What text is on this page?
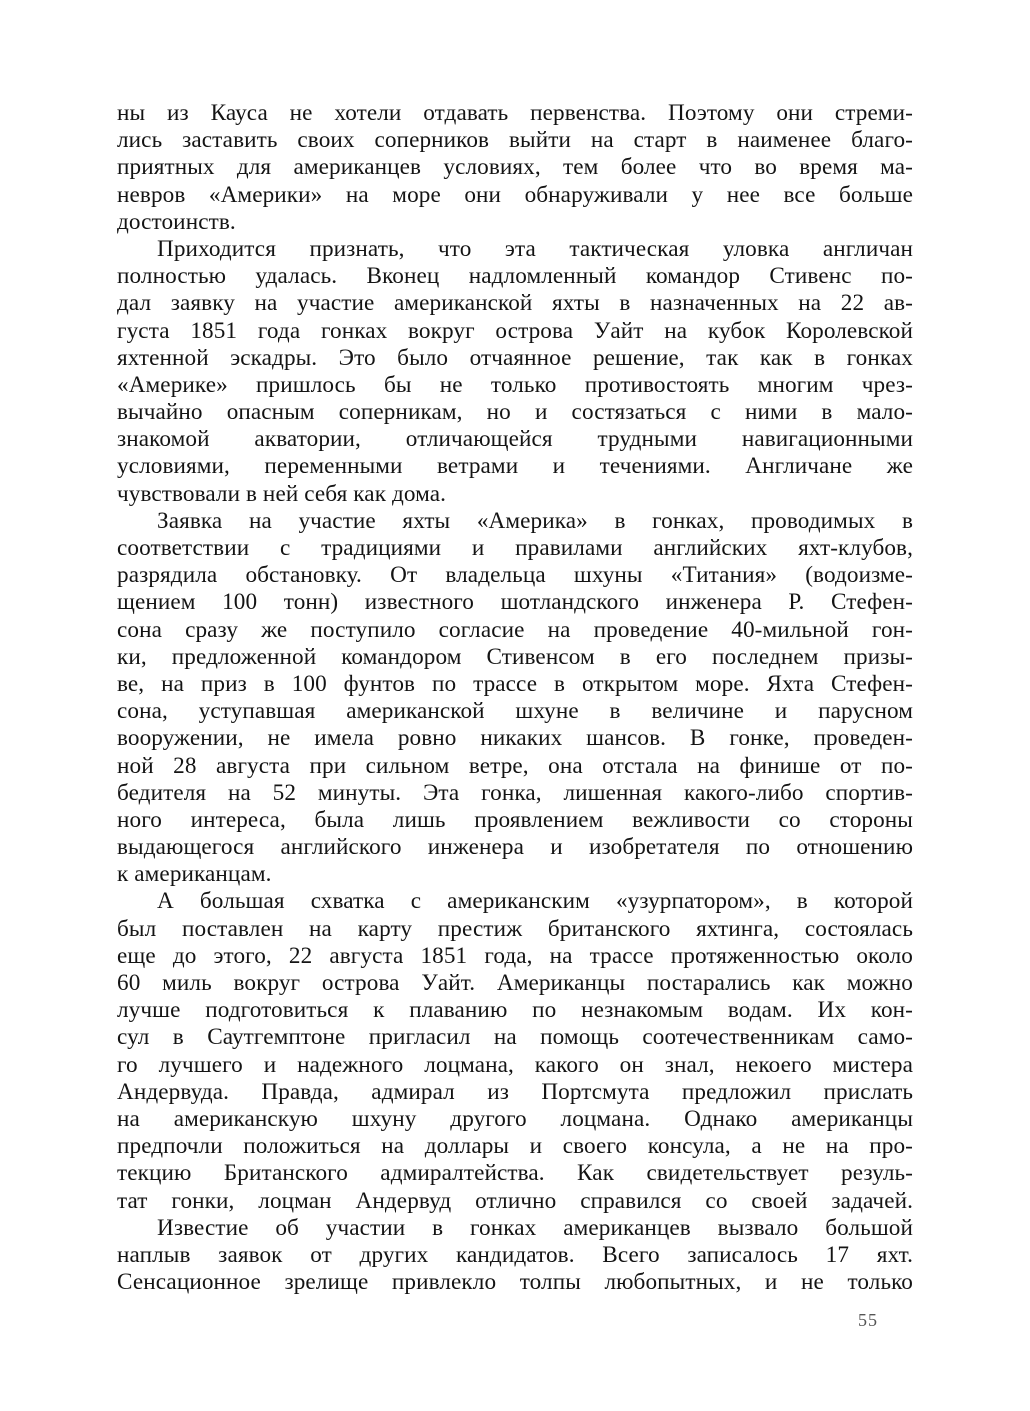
ны из Кауса не хотели отдавать первенства. Поэтому они стреми-
лись заставить своих соперников выйти на старт в наименее благо-
приятных для американцев условиях, тем более что во время ма-
невров «Америки» на море они обнаруживали у нее все больше
достоинств.
Приходится признать, что эта тактическая уловка англичан
полностью удалась. Вконец надломленный командор Стивенс по-
дал заявку на участие американской яхты в назначенных на 22 ав-
густа 1851 года гонках вокруг острова Уайт на кубок Королевской
яхтенной эскадры. Это было отчаянное решение, так как в гонках
«Америке» пришлось бы не только противостоять многим чрез-
вычайно опасным соперникам, но и состязаться с ними в мало-
знакомой акватории, отличающейся трудными навигационными
условиями, переменными ветрами и течениями. Англичане же
чувствовали в ней себя как дома.
Заявка на участие яхты «Америка» в гонках, проводимых в
соответствии с традициями и правилами английских яхт-клубов,
разрядила обстановку. От владельца шхуны «Титания» (водоизме-
щением 100 тонн) известного шотландского инженера Р. Стефен-
сона сразу же поступило согласие на проведение 40-мильной гон-
ки, предложенной командором Стивенсом в его последнем призы-
ве, на приз в 100 фунтов по трассе в открытом море. Яхта Стефен-
сона, уступавшая американской шхуне в величине и парусном
вооружении, не имела ровно никаких шансов. В гонке, проведен-
ной 28 августа при сильном ветре, она отстала на финише от по-
бедителя на 52 минуты. Эта гонка, лишенная какого-либо спортив-
ного интереса, была лишь проявлением вежливости со стороны
выдающегося английского инженера и изобретателя по отношению
к американцам.
А большая схватка с американским «узурпатором», в которой
был поставлен на карту престиж британского яхтинга, состоялась
еще до этого, 22 августа 1851 года, на трассе протяженностью около
60 миль вокруг острова Уайт. Американцы постарались как можно
лучше подготовиться к плаванию по незнакомым водам. Их кон-
сул в Саутгемптоне пригласил на помощь соотечественникам само-
го лучшего и надежного лоцмана, какого он знал, некоего мистера
Андервуда. Правда, адмирал из Портсмута предложил прислать
на американскую шхуну другого лоцмана. Однако американцы
предпочли положиться на доллары и своего консула, а не на про-
текцию Британского адмиралтейства. Как свидетельствует резуль-
тат гонки, лоцман Андервуд отлично справился со своей задачей.
Известие об участии в гонках американцев вызвало большой
наплыв заявок от других кандидатов. Всего записалось 17 яхт.
Сенсационное зрелище привлекло толпы любопытных, и не только
55
